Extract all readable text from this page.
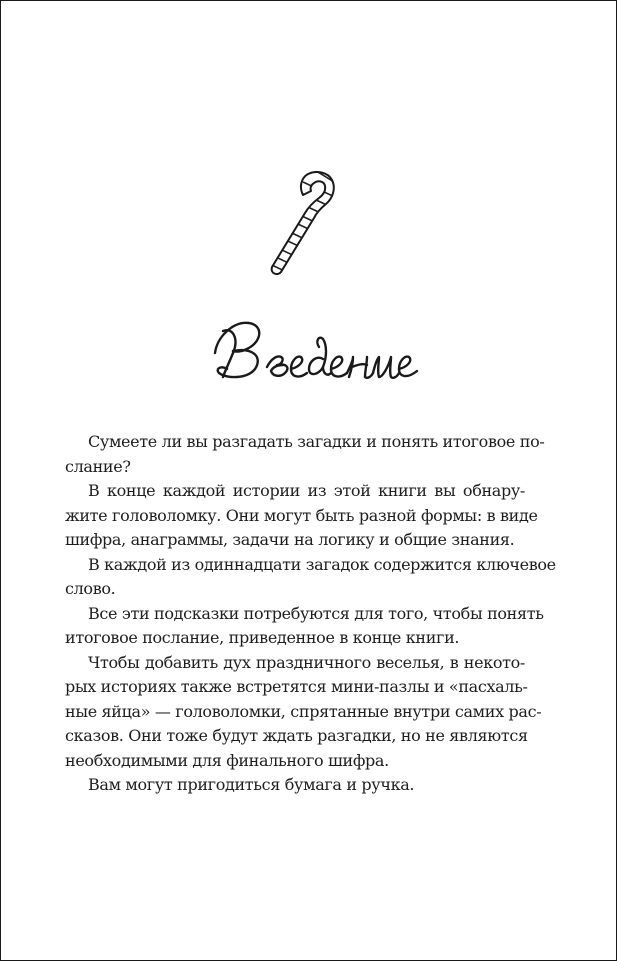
Сумеете ли вы разгадать загадки и понять итоговое по-
слание?
В конце каждой истории из этой книги вы обнару-
жите головоломку. Они могут быть разной формы: в виде
шифра, анаграммы, задачи на логику и общие знания.
В каждой из одиннадцати загадок содержится ключевое
слово.
Все эти подсказки потребуются для того, чтобы понять
итоговое послание, приведенное в конце книги.
Чтобы добавить дух праздничного веселья, в некото-
рых историях также встретятся мини-пазлы и «пасхаль-
ные яйца» — головоломки, спрятанные внутри самих рас-
сказов. Они тоже будут ждать разгадки, но не являются
необходимыми для финального шифра.
Вам могут пригодиться бумага и ручка.
